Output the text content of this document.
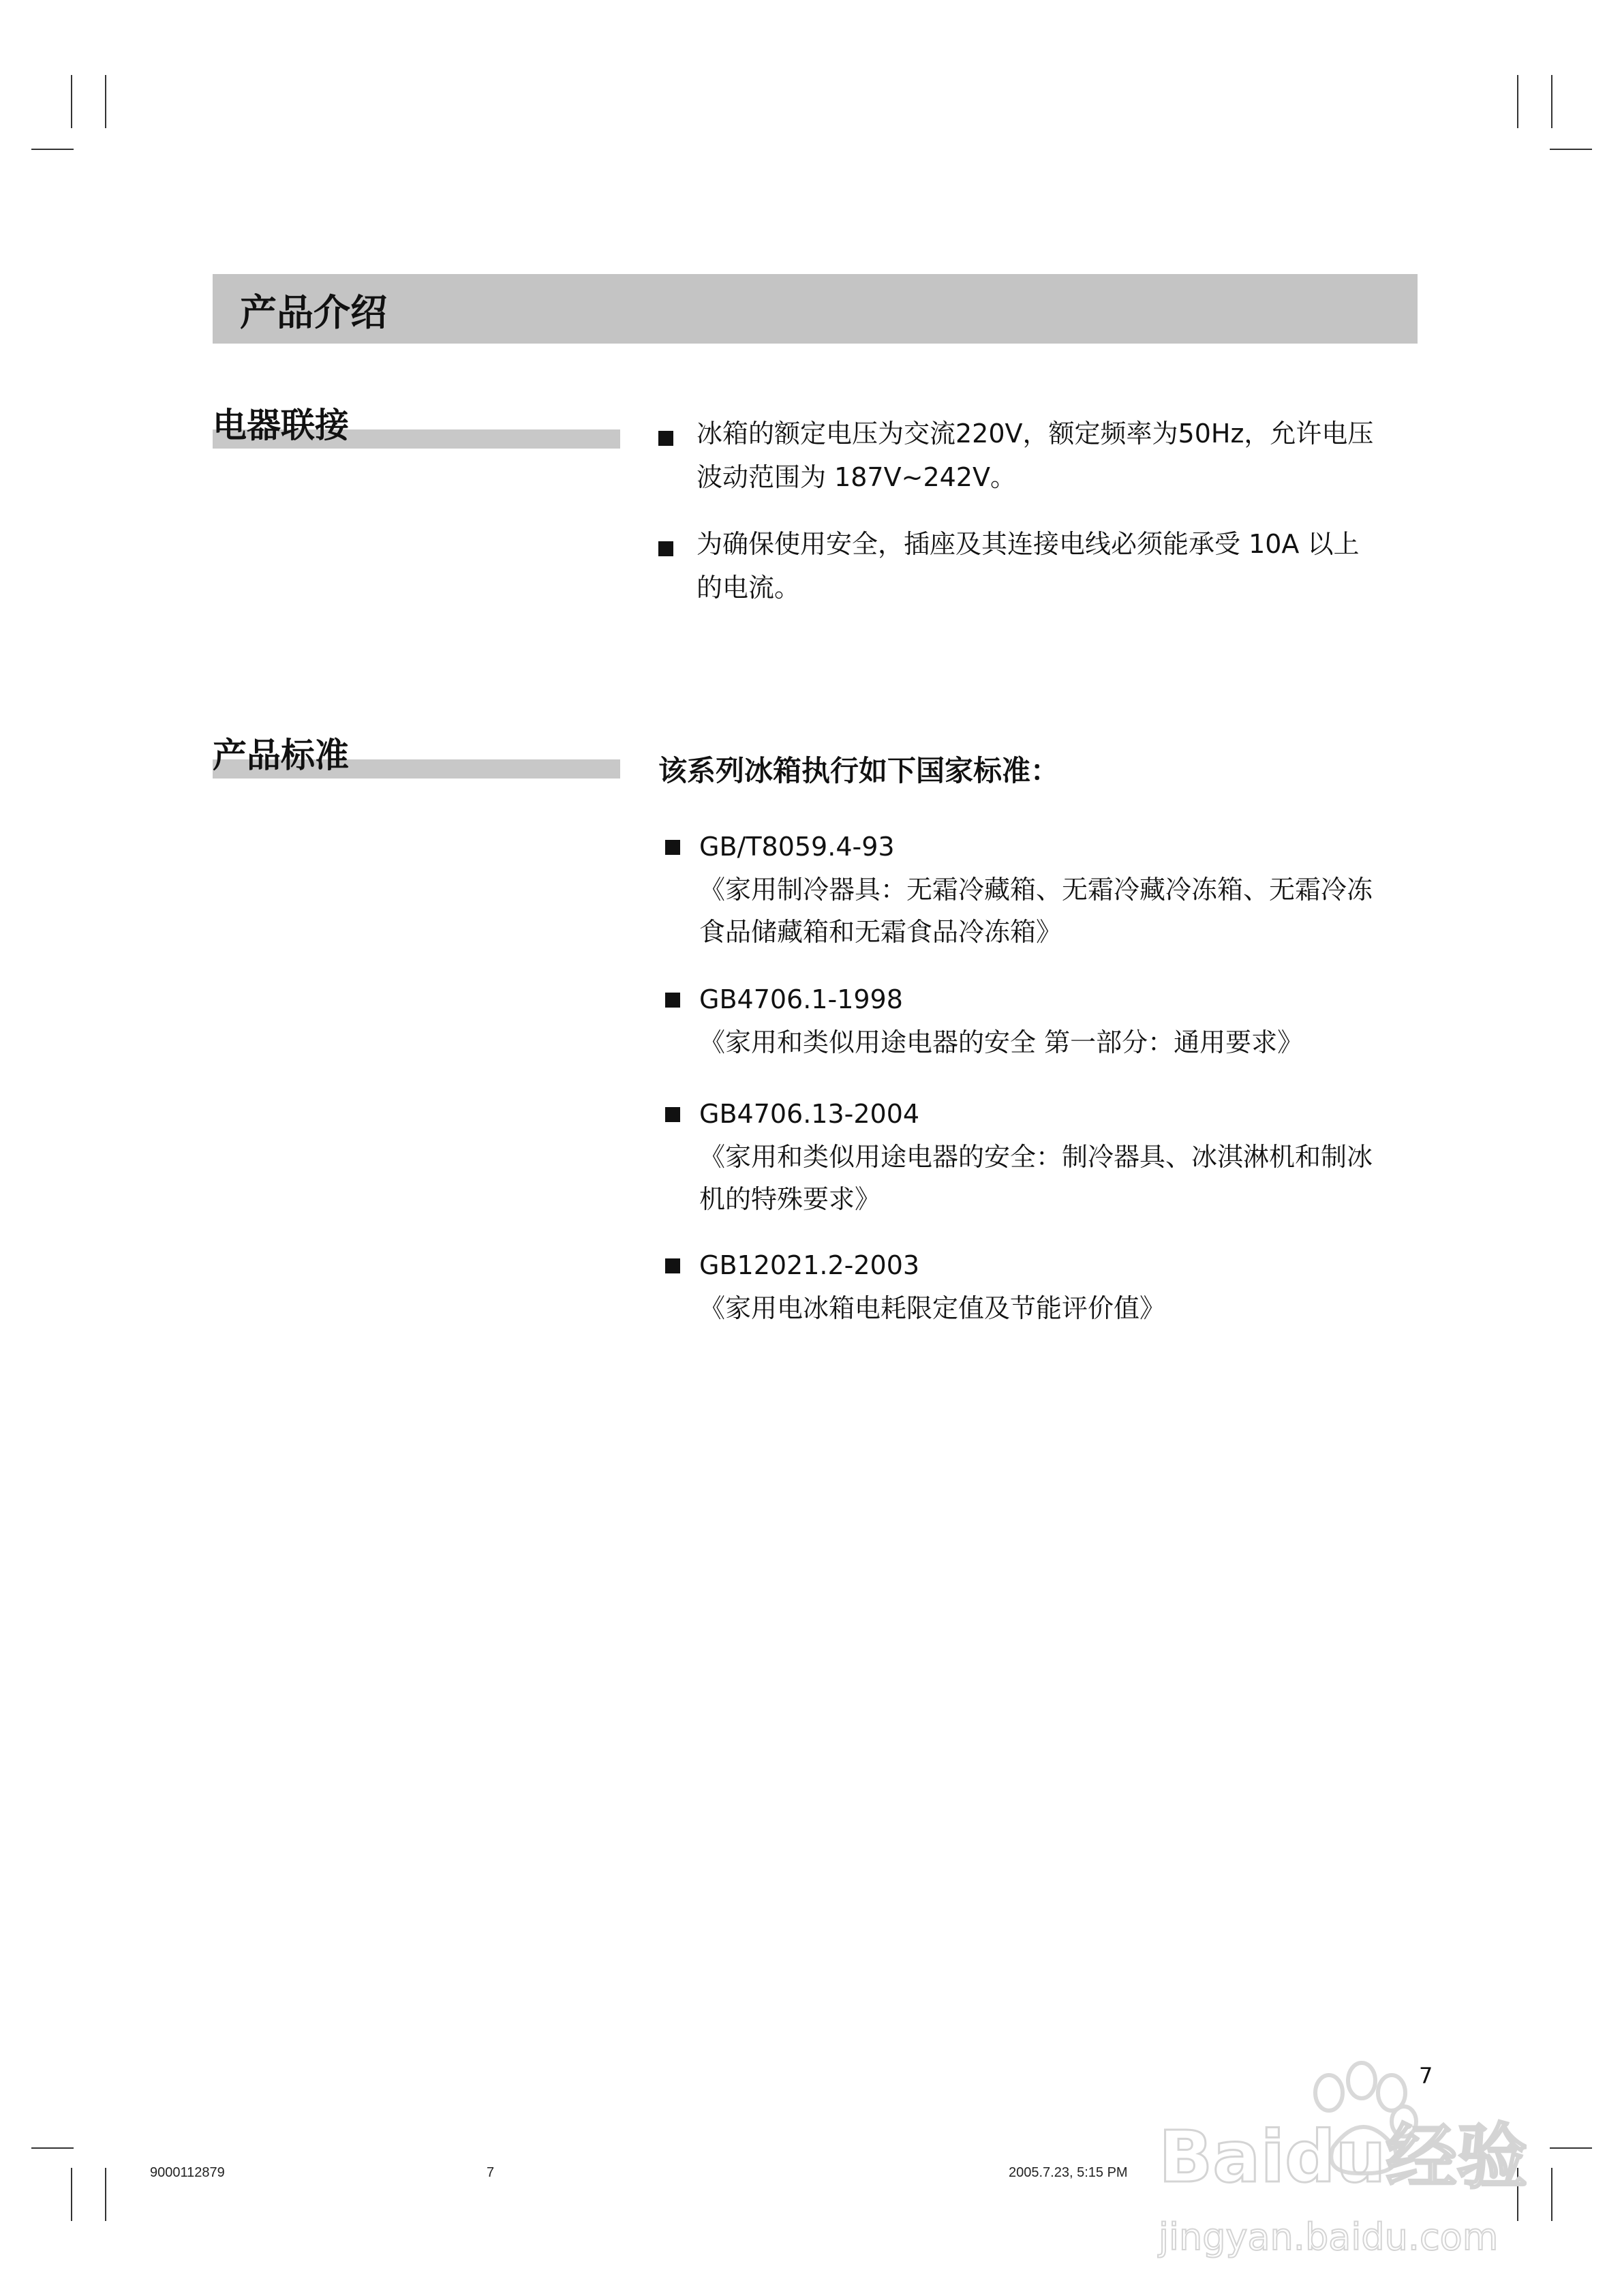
产品介绍
电器联接	冰箱的额定电压为交流220V，额定频率为50Hz，允许电压
波动范围为 187V~242V。
为确保使用安全，插座及其连接电线必须能承受 10A 以上
的电流。
产品标准	该系列冰箱执行如下国家标准：
GB/T8059.4-93
《家用制冷器具：无霜冷藏箱、无霜冷藏冷冻箱、无霜冷冻
食品储藏箱和无霜食品冷冻箱》
GB4706.1-1998
《家用和类似用途电器的安全 第一部分：通用要求》
GB4706.13-2004
《家用和类似用途电器的安全：制冷器具、冰淇淋机和制冰
机的特殊要求》
GB12021.2-2003
《家用电冰箱电耗限定值及节能评价值》
7
9000112879	7	2005.7.23, 5:15 PM Baidu经验
jingyan.baidu.com
